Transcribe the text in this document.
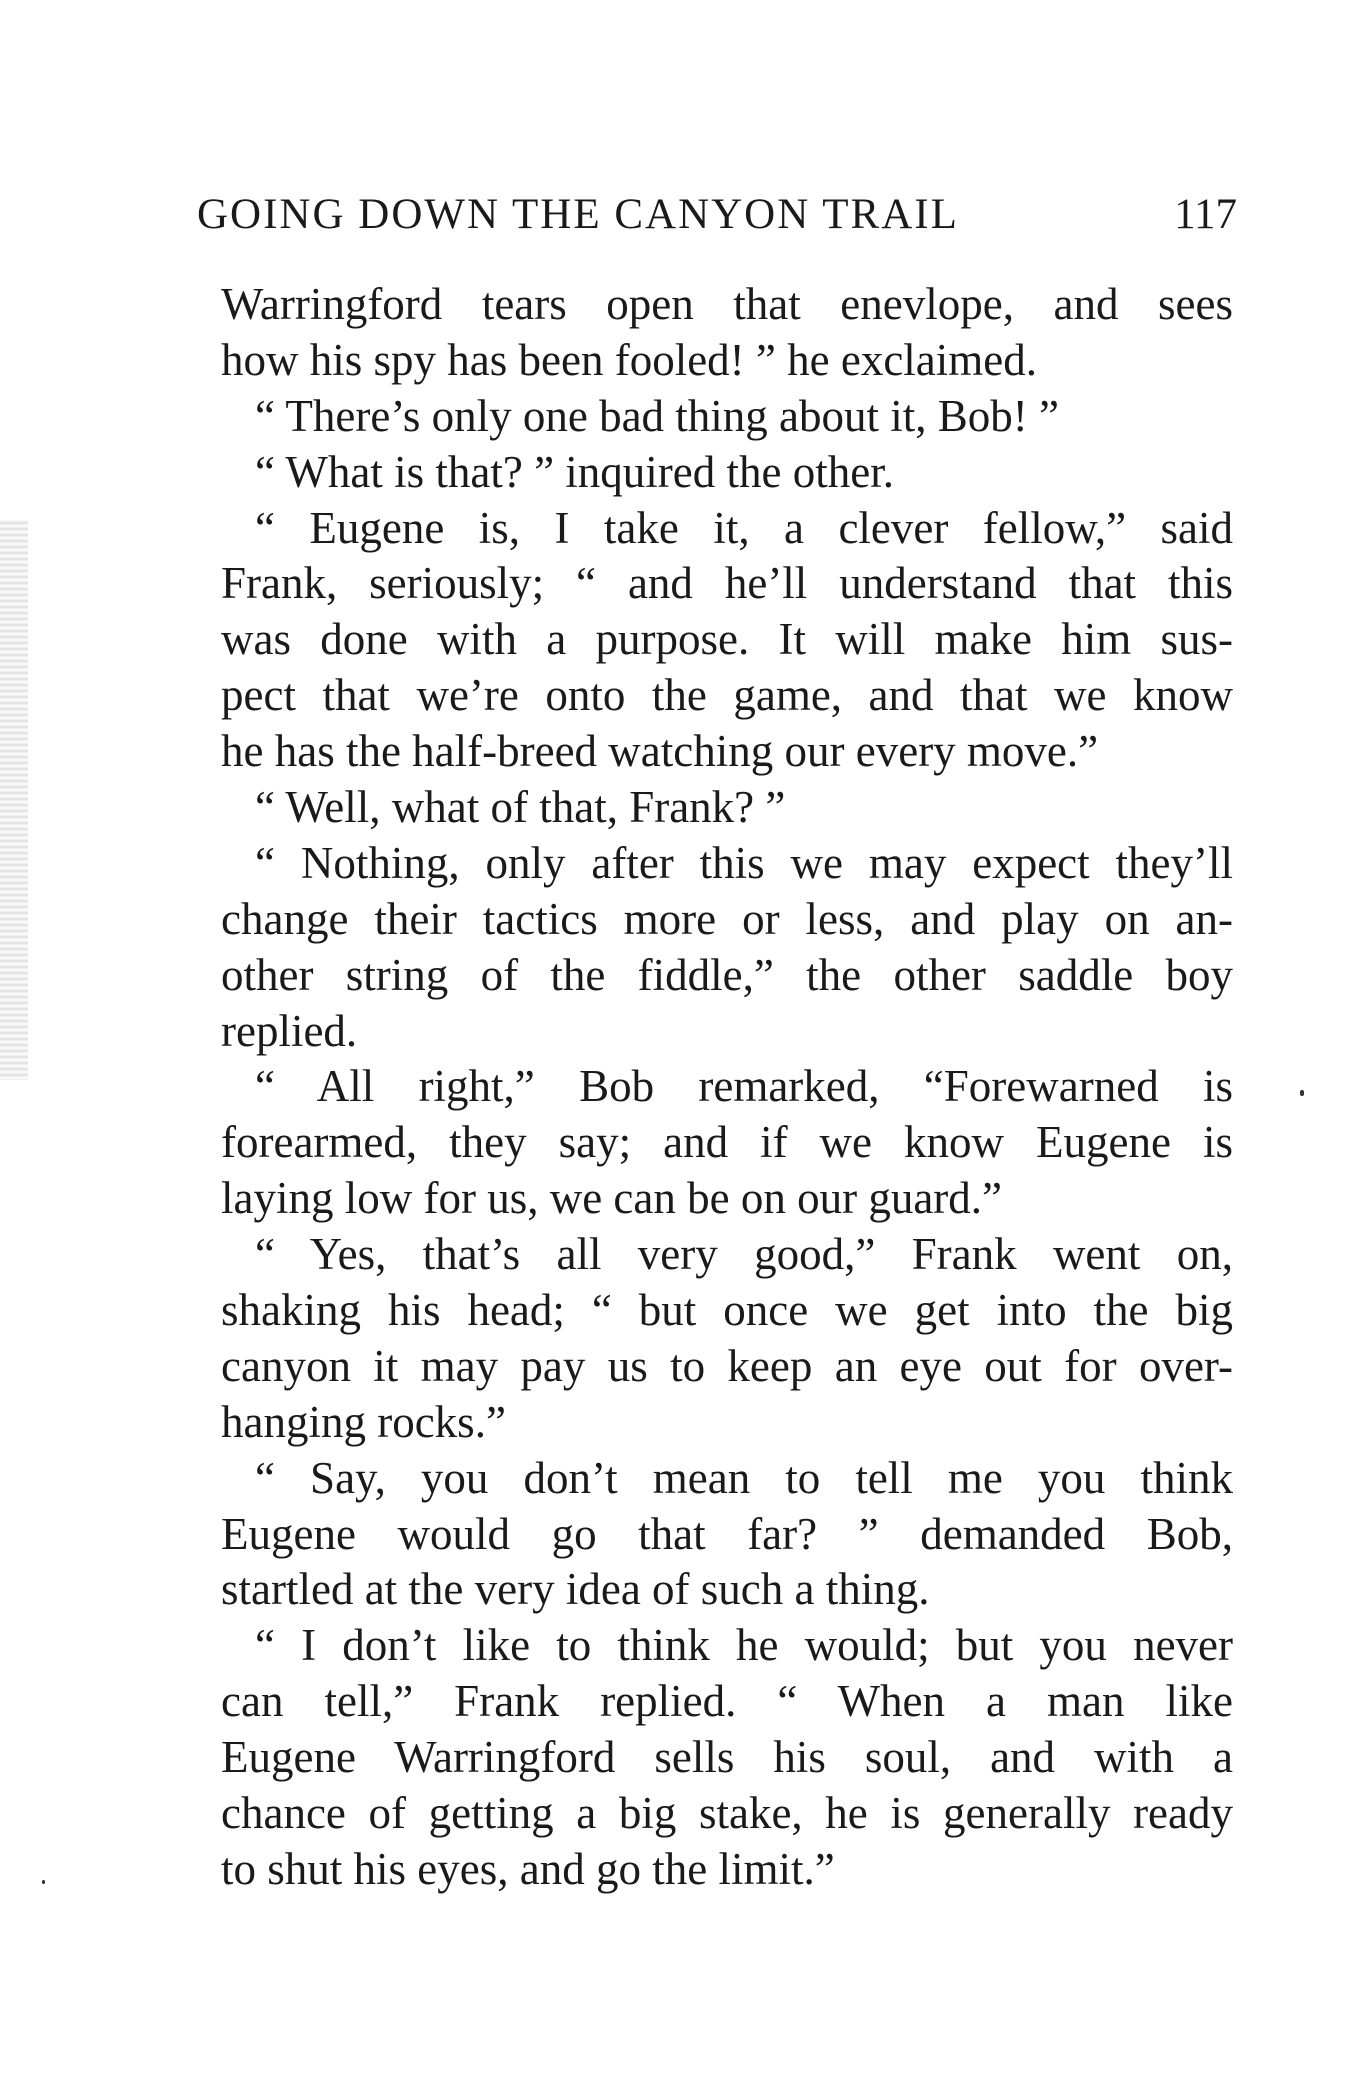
GOING DOWN THE CANYON TRAIL	117
Warringford tears open that enevlope, and sees
how his spy has been fooled! ” he exclaimed.
“ There’s only one bad thing about it, Bob! ”
“ What is that? ” inquired the other.
“ Eugene is, I take it, a clever fellow,” said
Frank, seriously; “ and he’ll understand that this
was done with a purpose. It will make him sus-
pect that we’re onto the game, and that we know
he has the half-breed watching our every move.”
“ Well, what of that, Frank? ”
“ Nothing, only after this we may expect they’ll
change their tactics more or less, and play on an-
other string of the fiddle,” the other saddle boy
replied.
“ All right,” Bob remarked, “Forewarned is
forearmed, they say; and if we know Eugene is
laying low for us, we can be on our guard.”
“ Yes, that’s all very good,” Frank went on,
shaking his head; “ but once we get into the big
canyon it may pay us to keep an eye out for over-
hanging rocks.”
“ Say, you don’t mean to tell me you think
Eugene would go that far? ” demanded Bob,
startled at the very idea of such a thing.
“ I don’t like to think he would; but you never
can tell,” Frank replied. “ When a man like
Eugene Warringford sells his soul, and with a
chance of getting a big stake, he is generally ready
to shut his eyes, and go the limit.”
